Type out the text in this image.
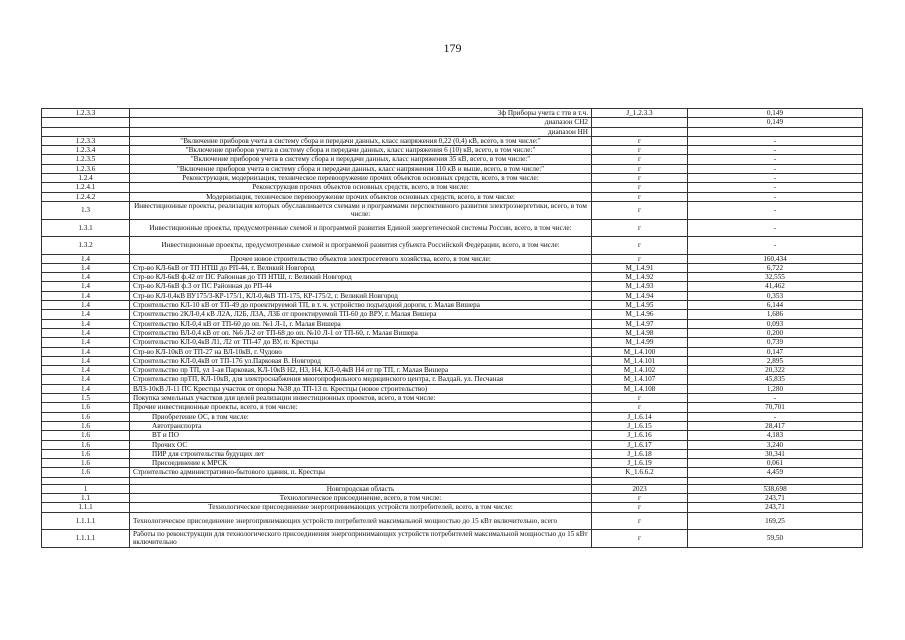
179
1.2.3.3	3ф Приборы учета с ттв в т.ч.	J_1.2.3.3	0,149
	диапазон СН2		0,149
	диапазон НН		
1.2.3.3	"Включение приборов учета в систему сбора и передачи данных, класс напряжения 0,22 (0,4) кВ, всего, в том числе:"	г	-
1.2.3.4	"Включение приборов учета в систему сбора и передачи данных, класс напряжения 6 (10) кВ, всего, в том числе:"	г	-
1.2.3.5	"Включение приборов учета в систему сбора и передачи данных, класс напряжения 35 кВ, всего, в том числе:"	г	-
1.2.3.6	"Включение приборов учета в систему сбора и передачи данных, класс напряжения 110 кВ и выше, всего, в том числе:"	г	-
1.2.4	Реконструкция, модернизация, техническое перевооружение прочих объектов основных средств, всего, в том числе:	г	-
1.2.4.1	Реконструкция прочих объектов основных средств, всего, в том числе:	г	-
1.2.4.2	Модернизация, техническое перевооружение прочих объектов основных средств, всего, в том числе:	г	-
1.3	Инвестиционные проекты, реализация которых обуславливается схемами и программами перспективного развития электроэнергетики, всего, в том числе:	г	-
1.3.1	Инвестиционные проекты, предусмотренные схемой и программой развития Единой энергетической системы России, всего, в том числе:	г	-
1.3.2	Инвестиционные проекты, предусмотренные схемой и программой развития субъекта Российской Федерации, всего, в том числе:	г	-
1.4	Прочее новое строительство объектов электросетевого хозяйства, всего, в том числе:	г	160,434
1.4	Стр-во КЛ-6кВ от ТП НТШ до РП-44, г. Великий Новгород	M_1.4.91	6,722
1.4	Стр-во КЛ-6кВ ф.42 от ПС Районная до ТП НТШ, г. Великий Новгород	M_1.4.92	32,555
1.4	Стр-во КЛ-6кВ ф.3 от ПС Районная до РП-44	M_1.4.93	41,462
1.4	Стр-во КЛ-0,4кВ ВУ175/3-КР-175/1, КЛ-0,4кВ ТП-175, КР-175/2, г. Великий Новгород	M_1.4.94	0,353
1.4	Строительство КЛ-10 кВ от ТП-49 до проектируемой ТП, в т. ч. устройство подъездной дороги, г. Малая Вишера	M_1.4.95	6,144
1.4	Строительство 2КЛ-0,4 кВ Л2А, Л2Б, Л3А, Л3Б от проектируемой ТП-60 до ВРУ, г. Малая Вишера	M_1.4.96	1,686
1.4	Строительство КЛ-0,4 кВ от ТП-60 до оп. №1 Л-1, г. Малая Вишера	M_1.4.97	0,093
1.4	Строительство ВЛ-0,4 кВ от оп. №6 Л-2 от ТП-68 до оп. №10 Л-1 от ТП-60, г. Малая Вишера	M_1.4.98	0,200
1.4	Строительство КЛ-0,4кВ Л1, Л2 от ТП-47 до ВУ, п. Крестцы	M_1.4.99	0,739
1.4	Стр-во КЛ-10кВ от ТП-27 на ВЛ-10кВ, г. Чудово	M_1.4.100	0,147
1.4	Строительство КЛ-0,4кВ от ТП-176 ул.Парковая В. Новгород	M_1.4.101	2,895
1.4	Строительство пр ТП, ул 1-ая Парковая, КЛ-10кВ Н2, Н3, Н4, КЛ-0,4кВ Н4 от пр ТП, г. Малая Вишера	M_1.4.102	20,322
1.4	Строительство прТП, КЛ-10кВ, для электроснабжения многопрофильного медицинского центра, г. Валдай, ул. Песчаная	M_1.4.107	45,835
1.4	ВЛЗ-10кВ Л-11 ПС Крестцы участок от опоры №38 до ТП-13 п. Крестцы (новое строительство)	M_1.4.108	1,280
1.5	Покупка земельных участков для целей реализации инвестиционных проектов, всего, в том числе:	г	-
1.6	Прочие инвестиционные проекты, всего, в том числе:	г	70,701
1.6	Приобретение ОС, в том числе:	J_1.6.14	-
1.6	Автотранспорта	J_1.6.15	28,417
1.6	ВТ и ПО	J_1.6.16	4,183
1.6	Прочих ОС	J_1.6.17	3,240
1.6	ПИР для строительства будущих лет	J_1.6.18	30,341
1.6	Присоединение к МРСК	J_1.6.19	0,061
1.6	Строительство административно-бытового здания, п. Крестцы	K_1.6.6.2	4,459

1	Новгородская область	2023	538,698
1.1	Технологическое присоединение, всего, в том числе:	г	243,71
1.1.1	Технологическое присоединение энергопринимающих устройств потребителей, всего, в том числе:	г	243,71
1.1.1.1	Технологическое присоединение энергопринимающих устройств потребителей максимальной мощностью до 15 кВт включительно, всего	г	169,25
1.1.1.1	Работы по реконструкции для технологического присоединения энергопринимающих устройств потребителей максимальной мощностью до 15 кВт включительно	г	59,50
